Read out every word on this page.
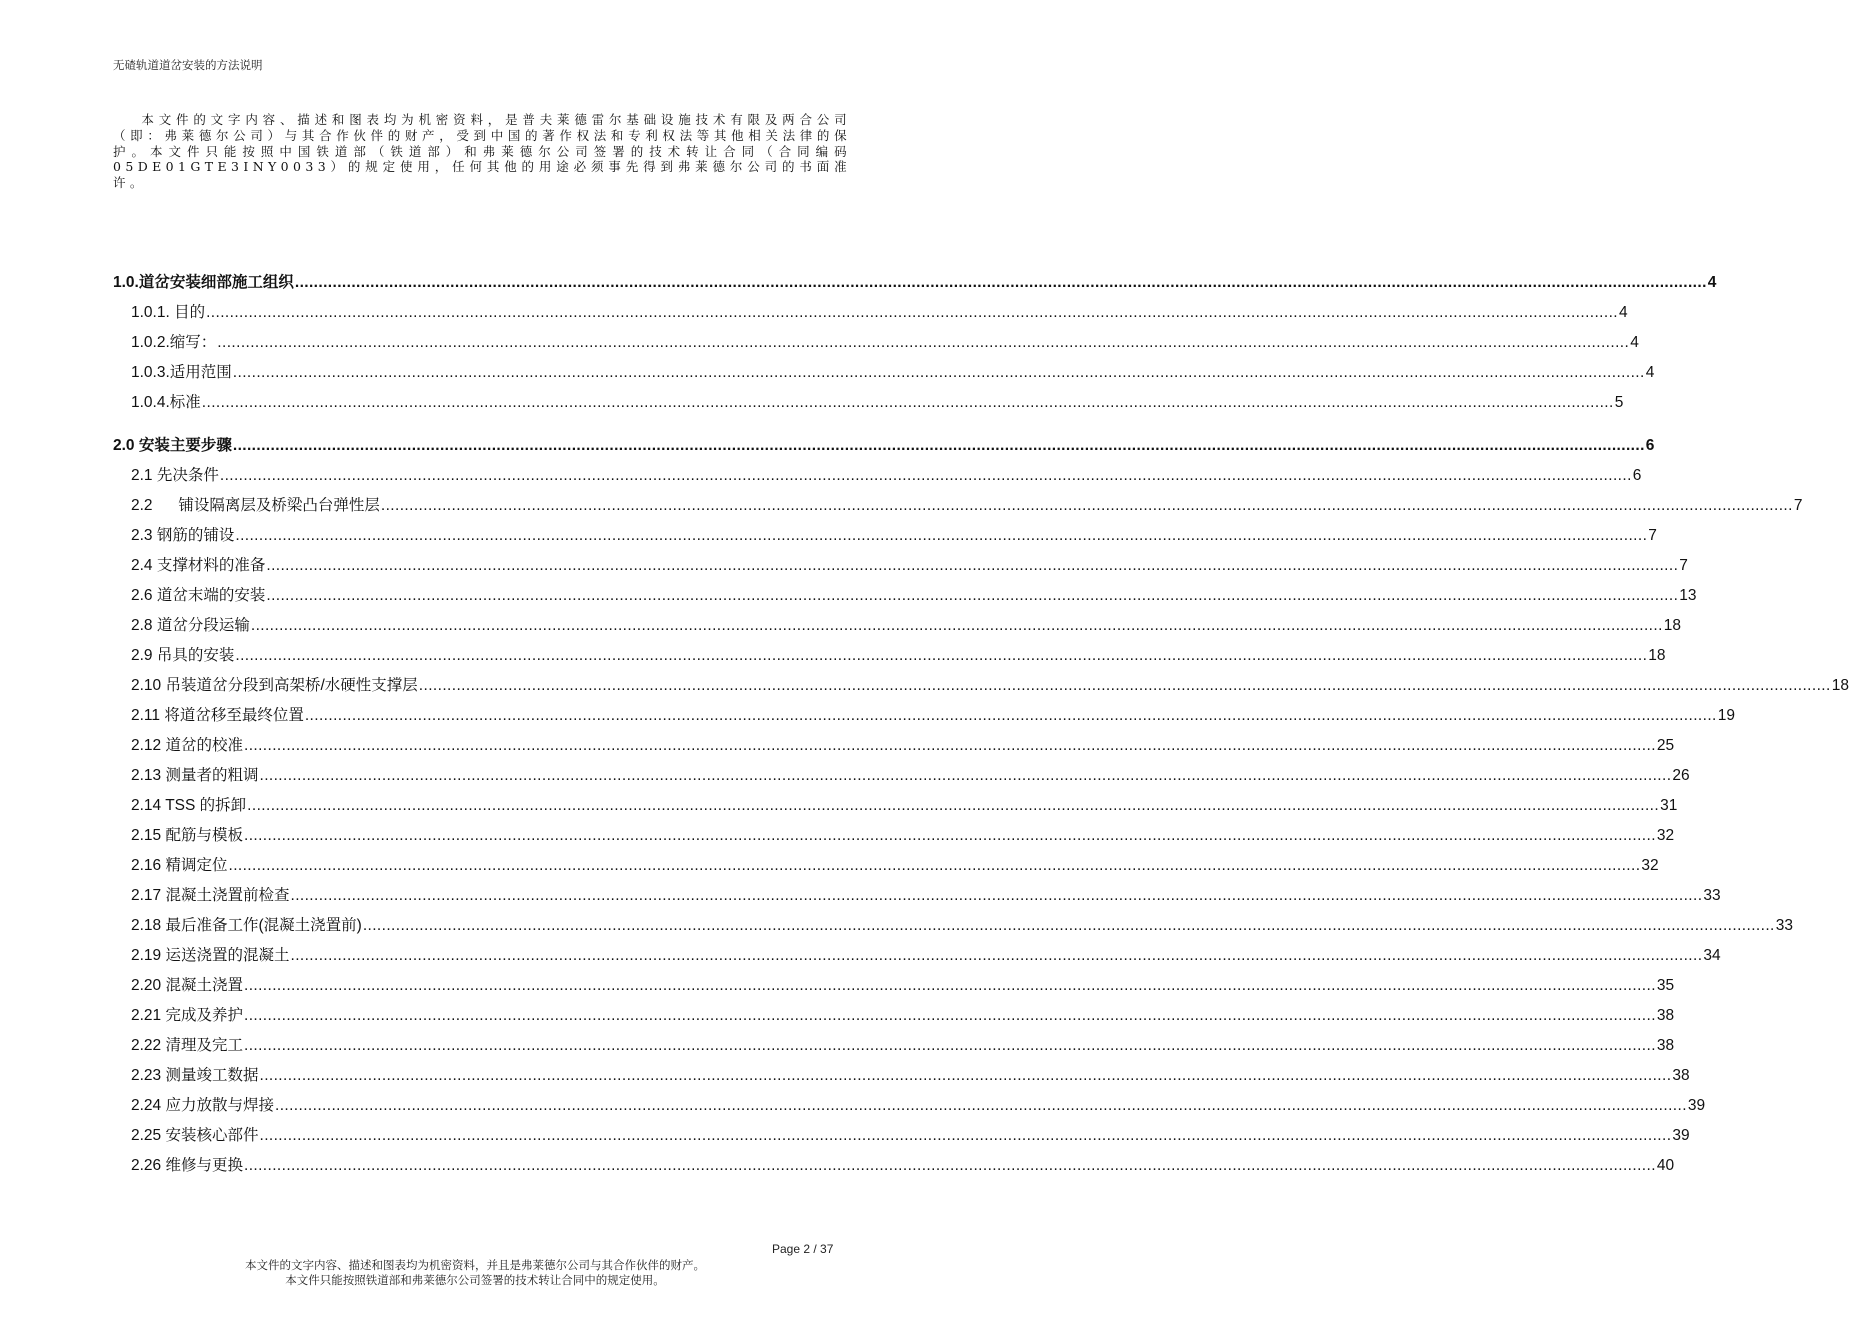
无碴轨道道岔安装的方法说明
本文件的文字内容、描述和图表均为机密资料，是普夫莱德雷尔基础设施技术有限及两合公司（即：弗莱德尔公司）与其合作伙伴的财产，受到中国的著作权法和专利权法等其他相关法律的保护。本文件只能按照中国铁道部（铁道部）和弗莱德尔公司签署的技术转让合同（合同编码05DE01GTE3INY0033）的规定使用，任何其他的用途必须事先得到弗莱德尔公司的书面准许。
1.0.道岔安装细部施工组织 ............................................................................................................................................................................................................................................................................................................ 4
1.0.1. 目的 ............................................................................................................................................................................................................................................................................................................ 4
1.0.2.缩写： ............................................................................................................................................................................................................................................................................................................ 4
1.0.3.适用范围 ............................................................................................................................................................................................................................................................................................................ 4
1.0.4.标准 ............................................................................................................................................................................................................................................................................................................ 5
2.0 安装主要步骤 ............................................................................................................................................................................................................................................................................................................ 6
2.1 先决条件 ............................................................................................................................................................................................................................................................................................................ 6
2.2      铺设隔离层及桥梁凸台弹性层 ............................................................................................................................................................................................................................................................................................................ 7
2.3 钢筋的铺设 ............................................................................................................................................................................................................................................................................................................ 7
2.4 支撑材料的准备 ............................................................................................................................................................................................................................................................................................................ 7
2.6 道岔末端的安装 ............................................................................................................................................................................................................................................................................................................ 13
2.8 道岔分段运输 ............................................................................................................................................................................................................................................................................................................ 18
2.9 吊具的安装 ............................................................................................................................................................................................................................................................................................................ 18
2.10 吊装道岔分段到高架桥/水硬性支撑层 ............................................................................................................................................................................................................................................................................................................ 18
2.11 将道岔移至最终位置 ............................................................................................................................................................................................................................................................................................................ 19
2.12 道岔的校准 ............................................................................................................................................................................................................................................................................................................ 25
2.13 测量者的粗调 ............................................................................................................................................................................................................................................................................................................ 26
2.14 TSS 的拆卸 ............................................................................................................................................................................................................................................................................................................ 31
2.15 配筋与模板 ............................................................................................................................................................................................................................................................................................................ 32
2.16 精调定位 ............................................................................................................................................................................................................................................................................................................ 32
2.17 混凝土浇置前检查 ............................................................................................................................................................................................................................................................................................................ 33
2.18 最后准备工作(混凝土浇置前) ............................................................................................................................................................................................................................................................................................................ 33
2.19 运送浇置的混凝土 ............................................................................................................................................................................................................................................................................................................ 34
2.20 混凝土浇置 ............................................................................................................................................................................................................................................................................................................ 35
2.21 完成及养护 ............................................................................................................................................................................................................................................................................................................ 38
2.22 清理及完工 ............................................................................................................................................................................................................................................................................................................ 38
2.23 测量竣工数据 ............................................................................................................................................................................................................................................................................................................ 38
2.24 应力放散与焊接 ............................................................................................................................................................................................................................................................................................................ 39
2.25 安装核心部件 ............................................................................................................................................................................................................................................................................................................ 39
2.26 维修与更换 ............................................................................................................................................................................................................................................................................................................ 40
Page 2 / 37
本文件的文字内容、描述和图表均为机密资料，并且是弗莱德尔公司与其合作伙伴的财产。
本文件只能按照铁道部和弗莱德尔公司签署的技术转让合同中的规定使用。
